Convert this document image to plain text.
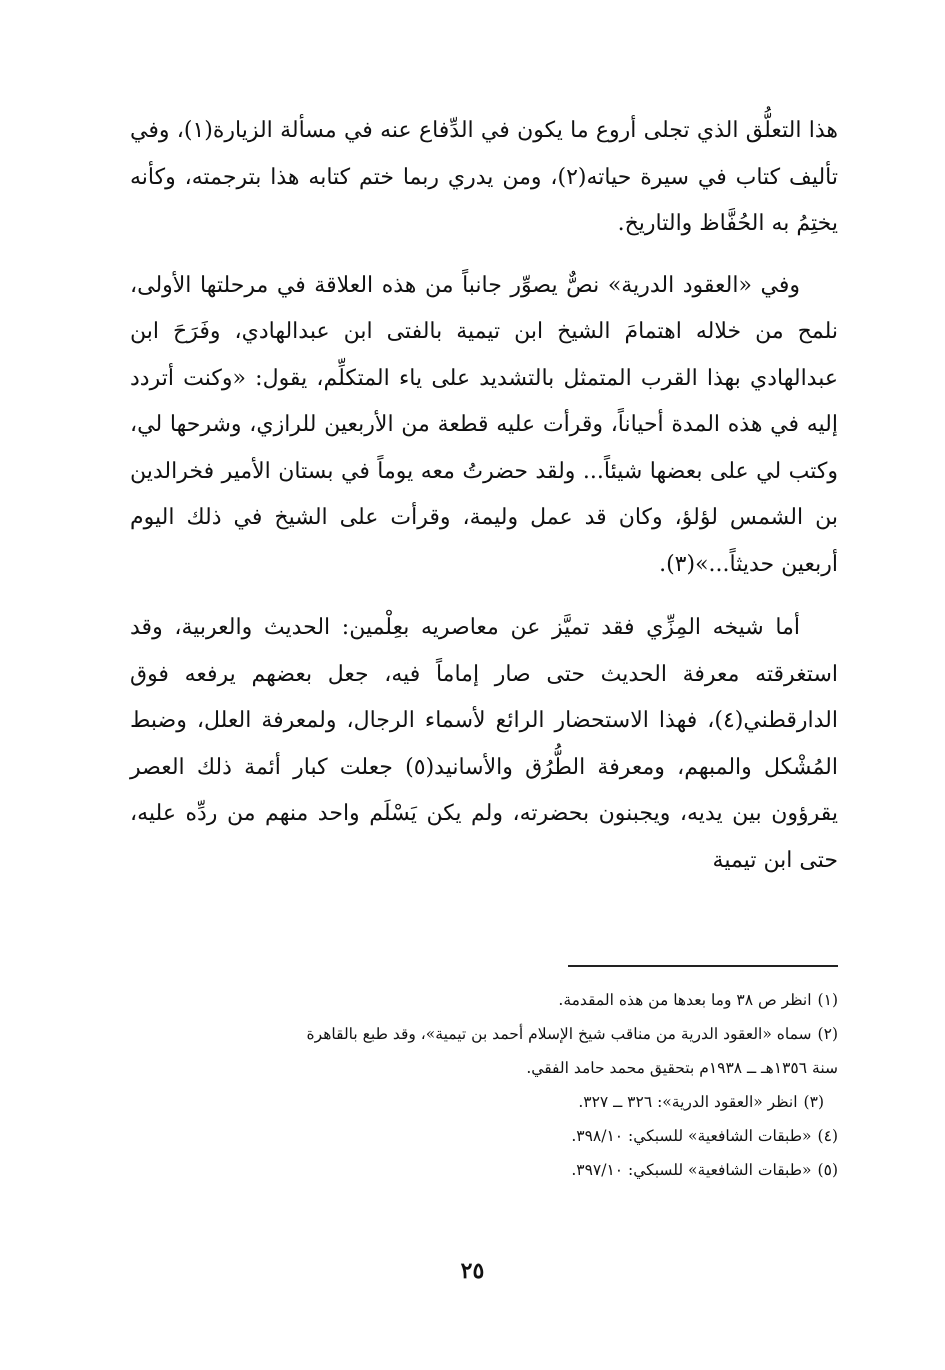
هذا التعلُّق الذي تجلى أروع ما يكون في الدِّفاع عنه في مسألة الزيارة(١)، وفي تأليف كتاب في سيرة حياته(٢)، ومن يدري ربما ختم كتابه هذا بترجمته، وكأنه يختِمُ به الحُفَّاظ والتاريخ.

وفي «العقود الدرية» نصٌّ يصوِّر جانباً من هذه العلاقة في مرحلتها الأولى، نلمح من خلاله اهتمامَ الشيخ ابن تيمية بالفتى ابن عبدالهادي، وفَرَحَ ابن عبدالهادي بهذا القرب المتمثل بالتشديد على ياء المتكلِّم، يقول: «وكنت أتردد إليه في هذه المدة أحياناً، وقرأت عليه قطعة من الأربعين للرازي، وشرحها لي، وكتب لي على بعضها شيئاً... ولقد حضرتُ معه يوماً في بستان الأمير فخرالدين بن الشمس لؤلؤ، وكان قد عمل وليمة، وقرأت على الشيخ في ذلك اليوم أربعين حديثاً...»(٣).

أما شيخه المِزِّي فقد تميَّز عن معاصريه بعِلْمين: الحديث والعربية، وقد استغرقته معرفة الحديث حتى صار إماماً فيه، جعل بعضهم يرفعه فوق الدارقطني(٤)، فهذا الاستحضار الرائع لأسماء الرجال، ولمعرفة العلل، وضبط المُشْكل والمبهم، ومعرفة الطُّرُق والأسانيد(٥) جعلت كبار أئمة ذلك العصر يقرؤون بين يديه، ويجبنون بحضرته، ولم يكن يَسْلَم واحد منهم من ردِّه عليه، حتى ابن تيمية

(١)انظر ص ٣٨ وما بعدها من هذه المقدمة.

(٢)سماه «العقود الدرية من مناقب شيخ الإسلام أحمد بن تيمية»، وقد طبع بالقاهرة

سنة ١٣٥٦هـ ــ ١٩٣٨م بتحقيق محمد حامد الفقي.

(٣)انظر «العقود الدرية»: ٣٢٦ ــ ٣٢٧.

(٤)«طبقات الشافعية» للسبكي: ٣٩٨/١٠.

(٥)«طبقات الشافعية» للسبكي: ٣٩٧/١٠.

٢٥
